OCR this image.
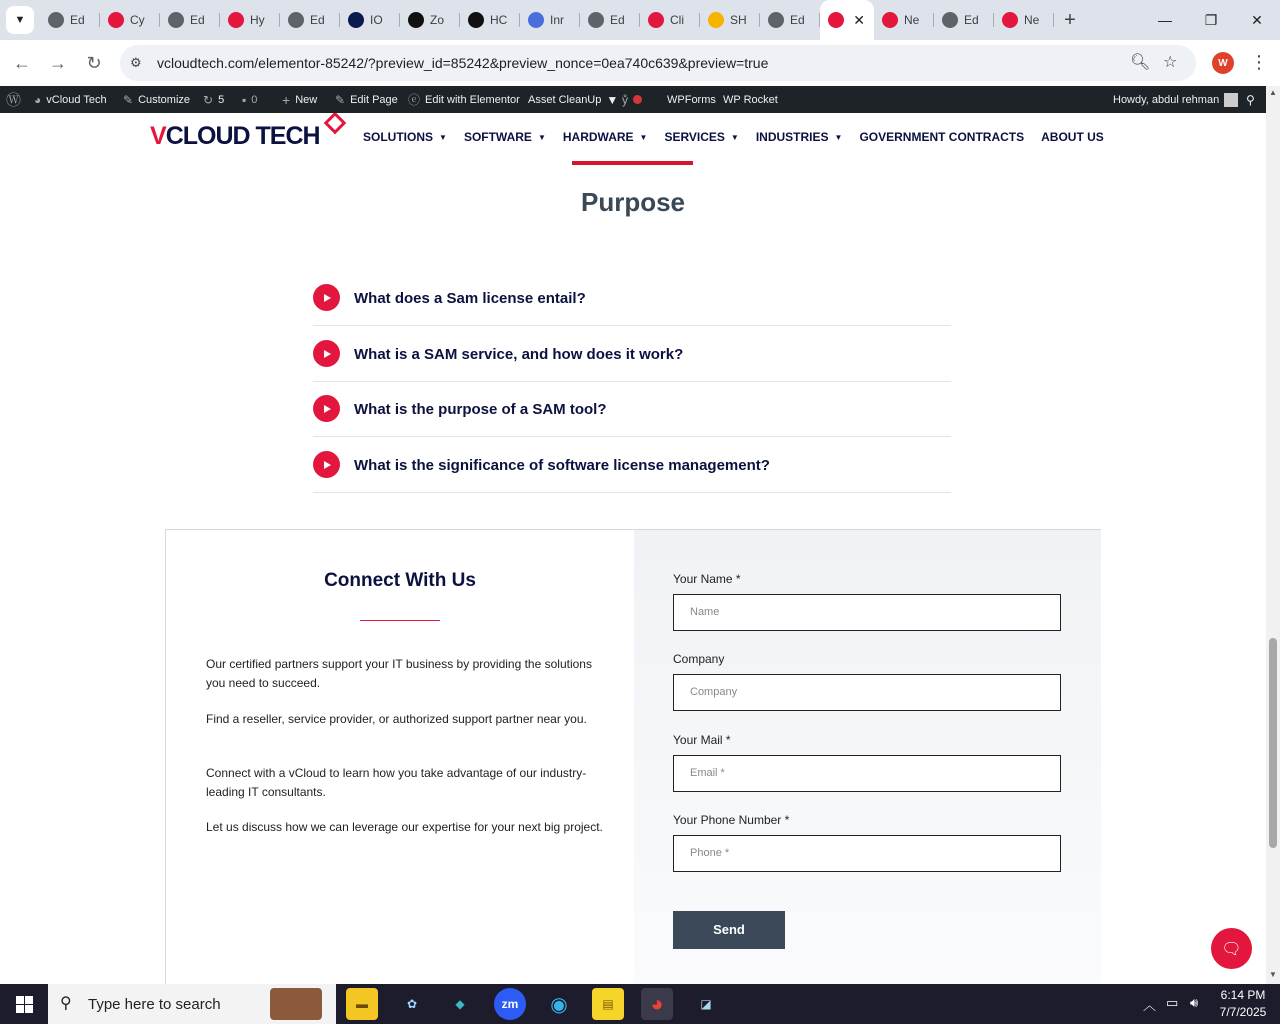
▼	Ed	Cy	Ed	Hy	Ed	IO	Zo	HC	Inr	Ed	Cli	SH	Ed	✕	Ne	Ed	Ne	+	—	❐	✕
← → ↻	⚙ vcloudtech.com/elementor-85242/?preview_id=85242&preview_nonce=0ea740c639&preview=true	🔍︎ ☆	W	⋮
Ⓦ ◕ vCloud Tech ✎ Customize ↻ 5 ▪ 0 + New ✎ Edit Page ⓔ Edit with Elementor Asset CleanUp ▼ ẙ	WPForms WP Rocket	Howdy, abdul rehman ⚲
VCLOUD TECH	SOLUTIONS ▼ SOFTWARE ▼ HARDWARE ▼ SERVICES ▼ INDUSTRIES ▼ GOVERNMENT CONTRACTS ABOUT US
Purpose
What does a Sam license entail?
What is a SAM service, and how does it work?
What is the purpose of a SAM tool?
What is the significance of software license management?
Connect With Us
Our certified partners support your IT business by providing the solutions you need to succeed.
Find a reseller, service provider, or authorized support partner near you.
Connect with a vCloud to learn how you take advantage of our industry-leading IT consultants.
Let us discuss how we can leverage our expertise for your next big project.
Your Name *
Name
Company
Company
Your Mail *
Email *
Your Phone Number *
Phone *
Send
🗨︎
▲
▼
⚲ Type here to search	▬	✿	◆	zm	◉	▤	◕	◪	︿ ▭ 🔊︎	6:14 PM
7/7/2025
